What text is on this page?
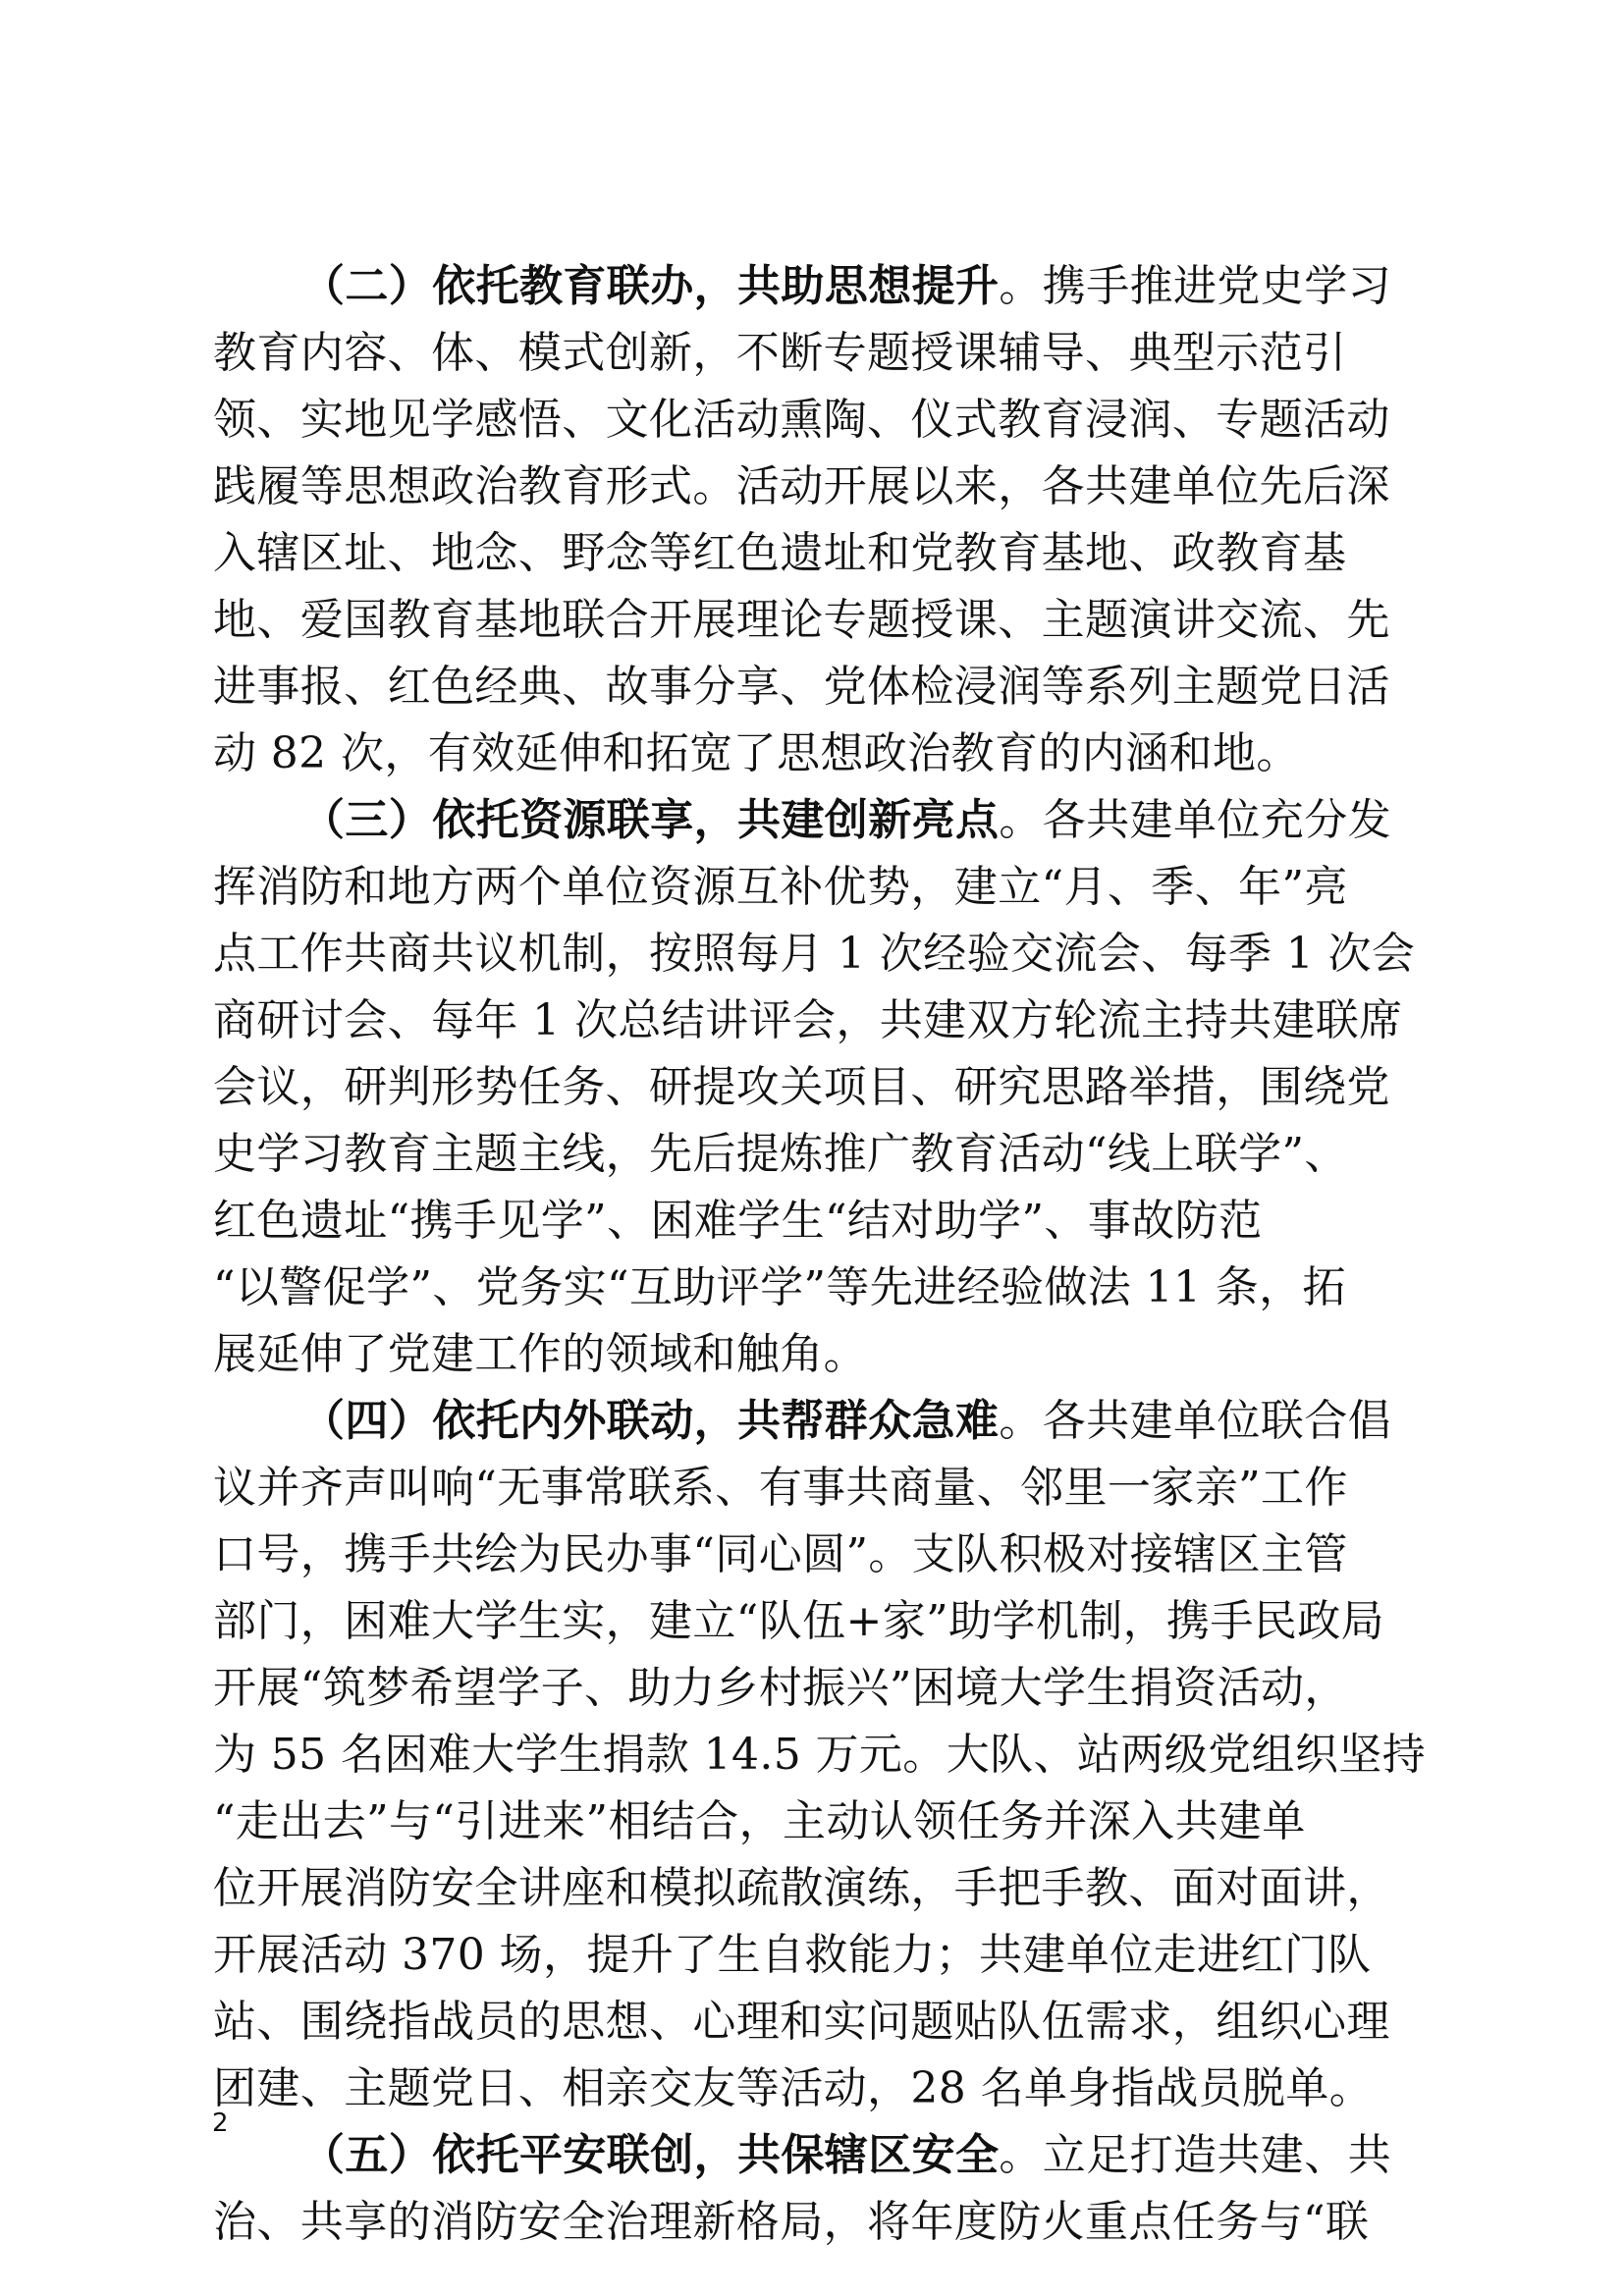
（二）依托教育联办，共助思想提升。携手推进党史学习
教育内容、体、模式创新，不断专题授课辅导、典型示范引
领、实地见学感悟、文化活动熏陶、仪式教育浸润、专题活动
践履等思想政治教育形式。活动开展以来，各共建单位先后深
入辖区址、地念、野念等红色遗址和党教育基地、政教育基
地、爱国教育基地联合开展理论专题授课、主题演讲交流、先
进事报、红色经典、故事分享、党体检浸润等系列主题党日活
动 82 次，有效延伸和拓宽了思想政治教育的内涵和地。
（三）依托资源联享，共建创新亮点。各共建单位充分发
挥消防和地方两个单位资源互补优势，建立“月、季、年”亮
点工作共商共议机制，按照每月 1 次经验交流会、每季 1 次会
商研讨会、每年 1 次总结讲评会，共建双方轮流主持共建联席
会议，研判形势任务、研提攻关项目、研究思路举措，围绕党
史学习教育主题主线，先后提炼推广教育活动“线上联学”、
红色遗址“携手见学”、困难学生“结对助学”、事故防范
“以警促学”、党务实“互助评学”等先进经验做法 11 条，拓
展延伸了党建工作的领域和触角。
（四）依托内外联动，共帮群众急难。各共建单位联合倡
议并齐声叫响“无事常联系、有事共商量、邻里一家亲”工作
口号，携手共绘为民办事“同心圆”。支队积极对接辖区主管
部门，困难大学生实，建立“队伍+家”助学机制，携手民政局
开展“筑梦希望学子、助力乡村振兴”困境大学生捐资活动，
为 55 名困难大学生捐款 14.5 万元。大队、站两级党组织坚持
“走出去”与“引进来”相结合，主动认领任务并深入共建单
位开展消防安全讲座和模拟疏散演练，手把手教、面对面讲，
开展活动 370 场，提升了生自救能力；共建单位走进红门队
站、围绕指战员的思想、心理和实问题贴队伍需求，组织心理
团建、主题党日、相亲交友等活动，28 名单身指战员脱单。
（五）依托平安联创，共保辖区安全。立足打造共建、共
治、共享的消防安全治理新格局，将年度防火重点任务与“联
2
